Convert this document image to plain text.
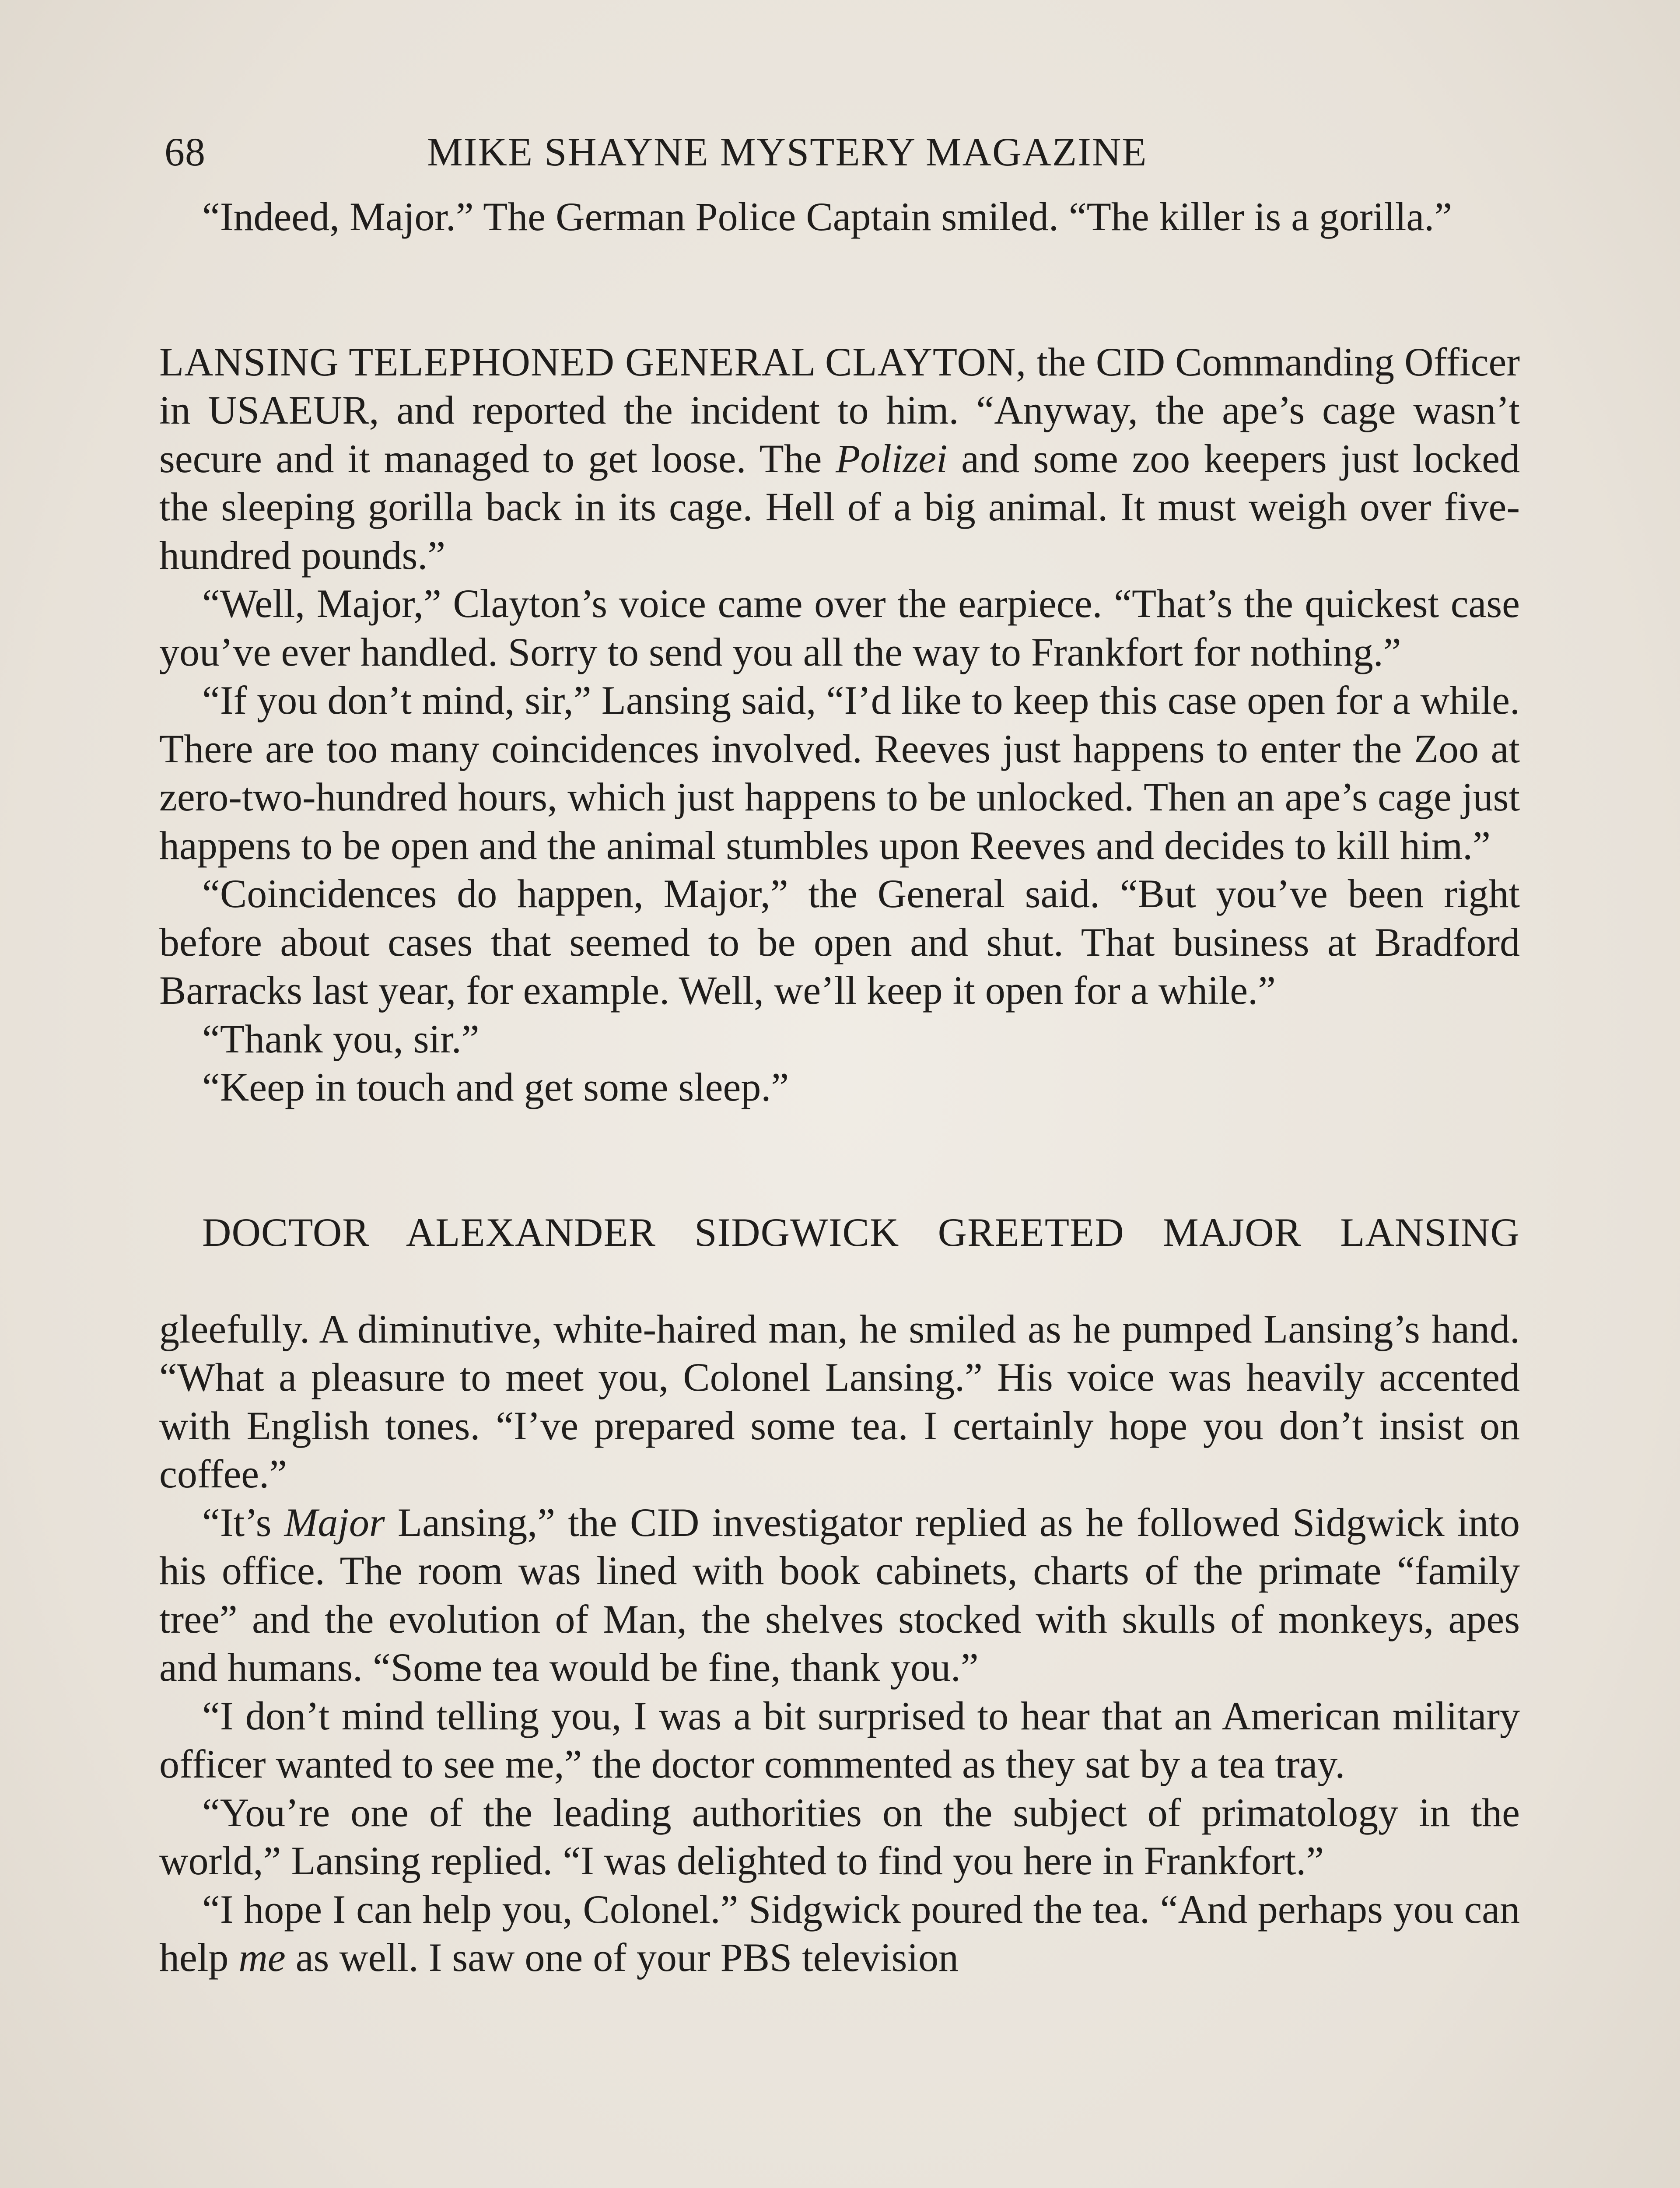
68	MIKE SHAYNE MYSTERY MAGAZINE

“Indeed, Major.” The German Police Captain smiled. “The killer is a gorilla.”

LANSING TELEPHONED GENERAL CLAYTON, the CID Commanding Officer in USAEUR, and reported the incident to him. “Anyway, the ape’s cage wasn’t secure and it managed to get loose. The Polizei and some zoo keepers just locked the sleeping gorilla back in its cage. Hell of a big animal. It must weigh over five-hundred pounds.”

“Well, Major,” Clayton’s voice came over the earpiece. “That’s the quickest case you’ve ever handled. Sorry to send you all the way to Frankfort for nothing.”

“If you don’t mind, sir,” Lansing said, “I’d like to keep this case open for a while. There are too many coincidences involved. Reeves just happens to enter the Zoo at zero-two-hundred hours, which just happens to be unlocked. Then an ape’s cage just happens to be open and the animal stumbles upon Reeves and decides to kill him.”

“Coincidences do happen, Major,” the General said. “But you’ve been right before about cases that seemed to be open and shut. That business at Bradford Barracks last year, for example. Well, we’ll keep it open for a while.”

“Thank you, sir.”

“Keep in touch and get some sleep.”

DOCTOR ALEXANDER SIDGWICK GREETED MAJOR LANSING

gleefully. A diminutive, white-haired man, he smiled as he pumped Lansing’s hand. “What a pleasure to meet you, Colonel Lansing.” His voice was heavily accented with English tones. “I’ve prepared some tea. I certainly hope you don’t insist on coffee.”

“It’s Major Lansing,” the CID investigator replied as he followed Sidgwick into his office. The room was lined with book cabinets, charts of the primate “family tree” and the evolution of Man, the shelves stocked with skulls of monkeys, apes and humans. “Some tea would be fine, thank you.”

“I don’t mind telling you, I was a bit surprised to hear that an American military officer wanted to see me,” the doctor commented as they sat by a tea tray.

“You’re one of the leading authorities on the subject of primatology in the world,” Lansing replied. “I was delighted to find you here in Frankfort.”

“I hope I can help you, Colonel.” Sidgwick poured the tea. “And perhaps you can help me as well. I saw one of your PBS television
